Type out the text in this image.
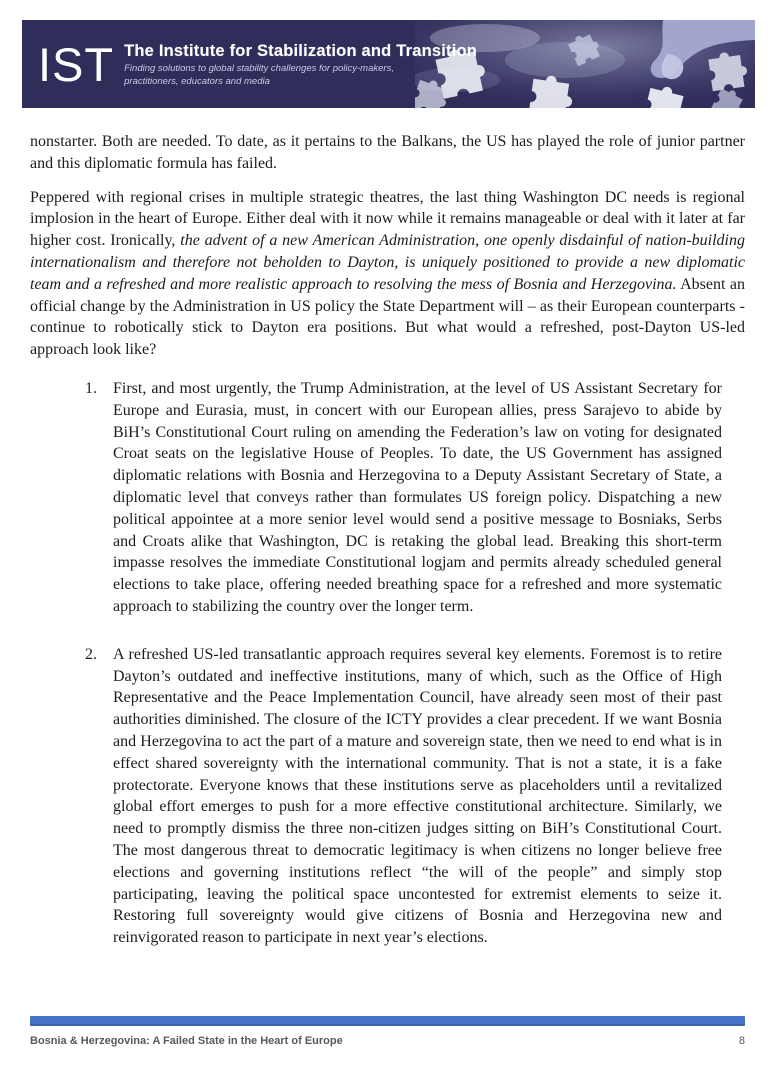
IST The Institute for Stabilization and Transition
Finding solutions to global stability challenges for policy-makers,
practitioners, educators and media

nonstarter. Both are needed. To date, as it pertains to the Balkans, the US has played the role of junior partner and this diplomatic formula has failed.

Peppered with regional crises in multiple strategic theatres, the last thing Washington DC needs is regional implosion in the heart of Europe. Either deal with it now while it remains manageable or deal with it later at far higher cost. Ironically, the advent of a new American Administration, one openly disdainful of nation-building internationalism and therefore not beholden to Dayton, is uniquely positioned to provide a new diplomatic team and a refreshed and more realistic approach to resolving the mess of Bosnia and Herzegovina. Absent an official change by the Administration in US policy the State Department will – as their European counterparts - continue to robotically stick to Dayton era positions. But what would a refreshed, post-Dayton US-led approach look like?

1.	First, and most urgently, the Trump Administration, at the level of US Assistant Secretary for Europe and Eurasia, must, in concert with our European allies, press Sarajevo to abide by BiH’s Constitutional Court ruling on amending the Federation’s law on voting for designated Croat seats on the legislative House of Peoples. To date, the US Government has assigned diplomatic relations with Bosnia and Herzegovina to a Deputy Assistant Secretary of State, a diplomatic level that conveys rather than formulates US foreign policy. Dispatching a new political appointee at a more senior level would send a positive message to Bosniaks, Serbs and Croats alike that Washington, DC is retaking the global lead. Breaking this short-term impasse resolves the immediate Constitutional logjam and permits already scheduled general elections to take place, offering needed breathing space for a refreshed and more systematic approach to stabilizing the country over the longer term.
2.	A refreshed US-led transatlantic approach requires several key elements. Foremost is to retire Dayton’s outdated and ineffective institutions, many of which, such as the Office of High Representative and the Peace Implementation Council, have already seen most of their past authorities diminished. The closure of the ICTY provides a clear precedent. If we want Bosnia and Herzegovina to act the part of a mature and sovereign state, then we need to end what is in effect shared sovereignty with the international community. That is not a state, it is a fake protectorate. Everyone knows that these institutions serve as placeholders until a revitalized global effort emerges to push for a more effective constitutional architecture. Similarly, we need to promptly dismiss the three non-citizen judges sitting on BiH’s Constitutional Court. The most dangerous threat to democratic legitimacy is when citizens no longer believe free elections and governing institutions reflect “the will of the people” and simply stop participating, leaving the political space uncontested for extremist elements to seize it. Restoring full sovereignty would give citizens of Bosnia and Herzegovina new and reinvigorated reason to participate in next year’s elections.
Bosnia & Herzegovina: A Failed State in the Heart of Europe	8
